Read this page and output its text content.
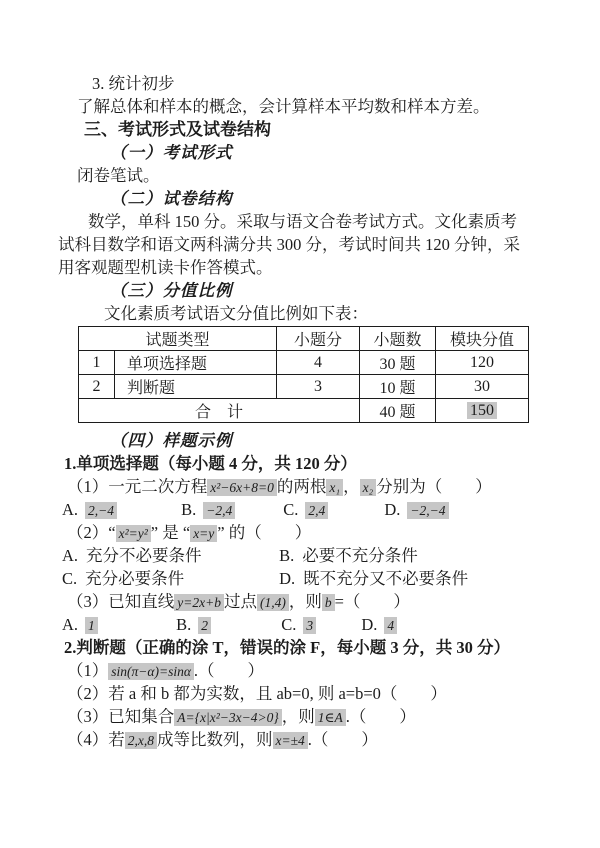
3. 统计初步
了解总体和样本的概念，会计算样本平均数和样本方差。
三、考试形式及试卷结构
（一）考试形式
闭卷笔试。
（二）试卷结构
数学，单科 150 分。采取与语文合卷考试方式。文化素质考
试科目数学和语文两科满分共 300 分，考试时间共 120 分钟，采
用客观题型机读卡作答模式。
（三）分值比例
文化素质考试语文分值比例如下表：
试题类型		小题分	小题数	模块分值
1	单项选择题	4	30 题	120
2	判断题	3	10 题	30
合　计			40 题	150
（四）样题示例
1.单项选择题（每小题 4 分，共 120 分）
（1）一元二次方程 x²−6x+8=0 的两根 x₁ ， x₂ 分别为（　　）
A. 2,−4	B. −2,4	C. 2,4	D. −2,−4
（2）“ x²=y² ” 是 “ x=y ” 的（　　）
A. 充分不必要条件	B. 必要不充分条件
C. 充分必要条件	D. 既不充分又不必要条件
（3）已知直线 y=2x+b 过点 (1,4) ，则 b =（　　）
A. 1	B. 2	C. 3	D. 4
2.判断题（正确的涂 T，错误的涂 F，每小题 3 分，共 30 分）
（1） sin(π−α)=sinα .（　　）
（2）若 a 和 b 都为实数，且 ab=0, 则 a=b=0（　　）
（3）已知集合 A={x|x²−3x−4>0} ，则 1∈A .（　　）
（4）若 2,x,8 成等比数列，则 x=±4 .（　　）
